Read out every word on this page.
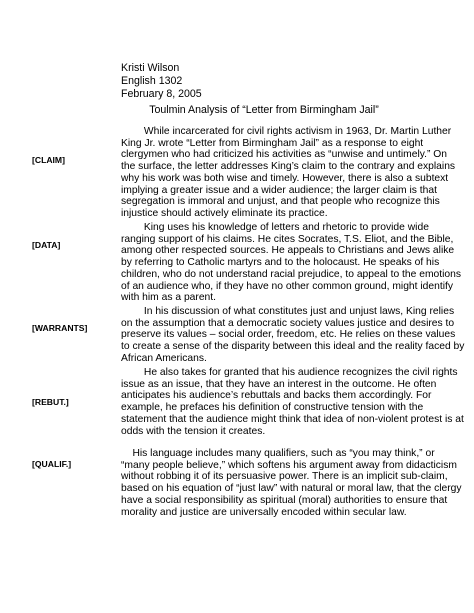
Kristi Wilson
English 1302
February 8, 2005
Toulmin Analysis of “Letter from Birmingham Jail”
[CLAIM]
While incarcerated for civil rights activism in 1963, Dr. Martin Luther
King Jr. wrote “Letter from Birmingham Jail” as a response to eight
clergymen who had criticized his activities as “unwise and untimely.” On
the surface, the letter addresses King’s claim to the contrary and explains
why his work was both wise and timely. However, there is also a subtext
implying a greater issue and a wider audience; the larger claim is that
segregation is immoral and unjust, and that people who recognize this
injustice should actively eliminate its practice.
[DATA]
King uses his knowledge of letters and rhetoric to provide wide
ranging support of his claims. He cites Socrates, T.S. Eliot, and the Bible,
among other respected sources. He appeals to Christians and Jews alike
by referring to Catholic martyrs and to the holocaust. He speaks of his
children, who do not understand racial prejudice, to appeal to the emotions
of an audience who, if they have no other common ground, might identify
with him as a parent.
[WARRANTS]
In his discussion of what constitutes just and unjust laws, King relies
on the assumption that a democratic society values justice and desires to
preserve its values – social order, freedom, etc. He relies on these values
to create a sense of the disparity between this ideal and the reality faced by
African Americans.
[REBUT.]
He also takes for granted that his audience recognizes the civil rights
issue as an issue, that they have an interest in the outcome. He often
anticipates his audience’s rebuttals and backs them accordingly. For
example, he prefaces his definition of constructive tension with the
statement that the audience might think that idea of non-violent protest is at
odds with the tension it creates.
[QUALIF.]
His language includes many qualifiers, such as “you may think,” or
“many people believe,” which softens his argument away from didacticism
without robbing it of its persuasive power. There is an implicit sub-claim,
based on his equation of “just law” with natural or moral law, that the clergy
have a social responsibility as spiritual (moral) authorities to ensure that
morality and justice are universally encoded within secular law.
